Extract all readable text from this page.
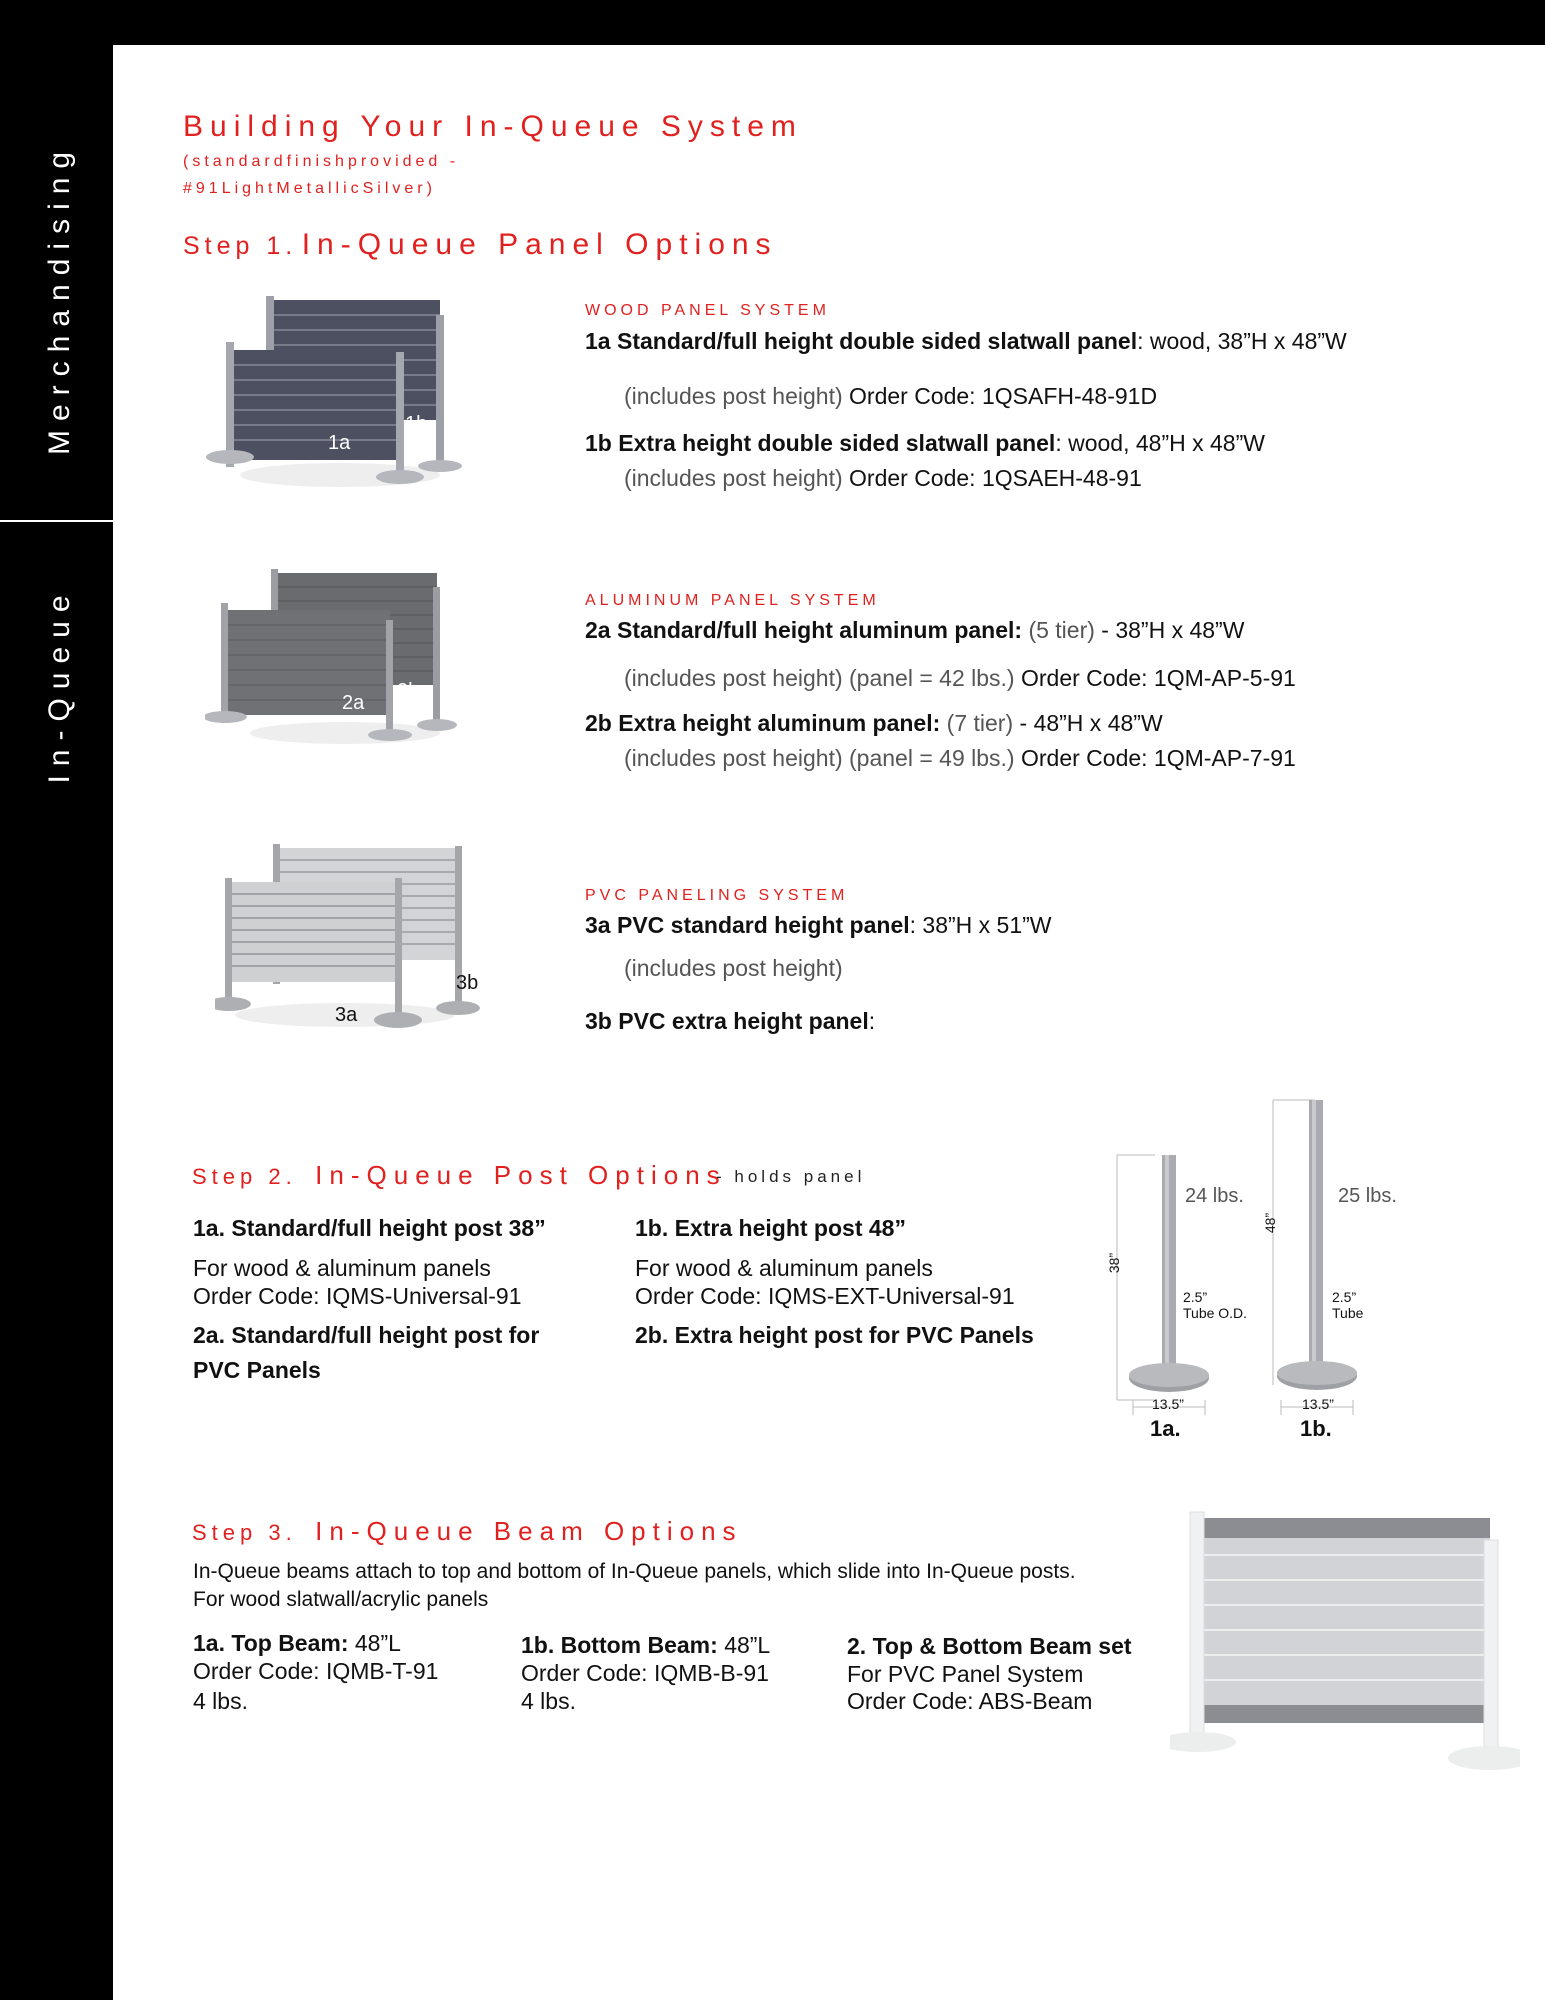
Merchandising
In-Queue
Building Your In-Queue System
(standardfinishprovided -
#91LightMetallicSilver)
Step 1. In-Queue Panel Options
1a
1b
WOOD PANEL SYSTEM
1a Standard/full height double sided slatwall panel: wood, 38”H x 48”W
(includes post height) Order Code: 1QSAFH-48-91D
1b Extra height double sided slatwall panel: wood, 48”H x 48”W
(includes post height) Order Code: 1QSAEH-48-91
2a
2b
ALUMINUM PANEL SYSTEM
2a Standard/full height aluminum panel: (5 tier) - 38”H x 48”W
(includes post height) (panel = 42 lbs.) Order Code: 1QM-AP-5-91
2b Extra height aluminum panel: (7 tier) - 48”H x 48”W
(includes post height) (panel = 49 lbs.) Order Code: 1QM-AP-7-91
3a
3b
PVC PANELING SYSTEM
3a PVC standard height panel: 38”H x 51”W
(includes post height)
3b PVC extra height panel:
Step 2. In-Queue Post Options
- holds panel
1a. Standard/full height post 38”
For wood & aluminum panels
Order Code: IQMS-Universal-91
2a. Standard/full height post for
PVC Panels
1b. Extra height post 48”
For wood & aluminum panels
Order Code: IQMS-EXT-Universal-91
2b. Extra height post for PVC Panels
24 lbs.	25 lbs.
38”
48”
2.5”
Tube O.D.
2.5”
Tube
13.5”	13.5”
1a.	1b.
Step 3. In-Queue Beam Options
In-Queue beams attach to top and bottom of In-Queue panels, which slide into In-Queue posts.
For wood slatwall/acrylic panels
1a. Top Beam: 48”L
Order Code: IQMB-T-91
4 lbs.
1b. Bottom Beam: 48”L
Order Code: IQMB-B-91
4 lbs.
2. Top & Bottom Beam set
For PVC Panel System
Order Code: ABS-Beam
